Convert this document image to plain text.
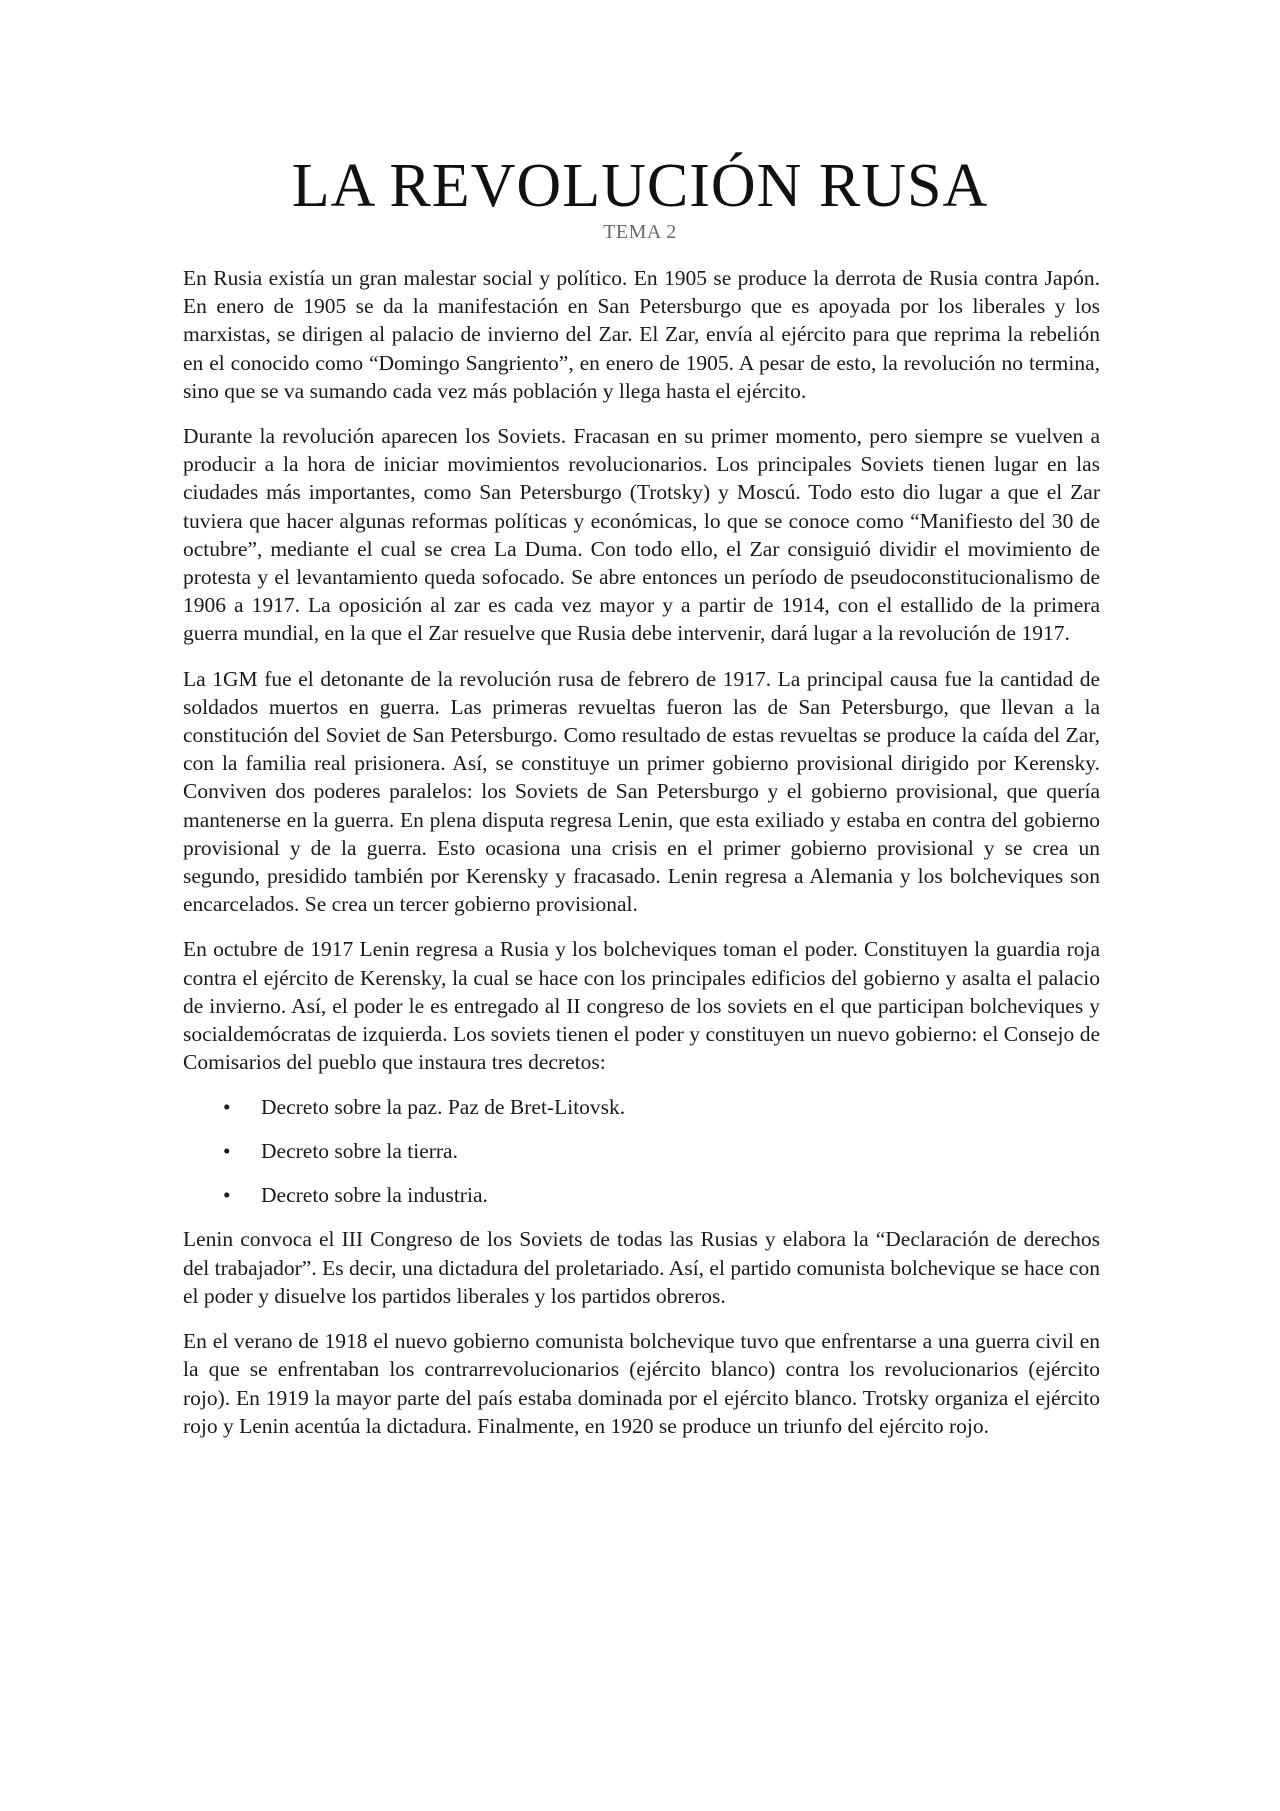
LA REVOLUCIÓN RUSA
TEMA 2

En Rusia existía un gran malestar social y político. En 1905 se produce la derrota de Rusia contra Japón. En enero de 1905 se da la manifestación en San Petersburgo que es apoyada por los liberales y los marxistas, se dirigen al palacio de invierno del Zar. El Zar, envía al ejército para que reprima la rebelión en el conocido como “Domingo Sangriento”, en enero de 1905. A pesar de esto, la revolución no termina, sino que se va sumando cada vez más población y llega hasta el ejército.

Durante la revolución aparecen los Soviets. Fracasan en su primer momento, pero siempre se vuelven a producir a la hora de iniciar movimientos revolucionarios. Los principales Soviets tienen lugar en las ciudades más importantes, como San Petersburgo (Trotsky) y Moscú. Todo esto dio lugar a que el Zar tuviera que hacer algunas reformas políticas y económicas, lo que se conoce como “Manifiesto del 30 de octubre”, mediante el cual se crea La Duma. Con todo ello, el Zar consiguió dividir el movimiento de protesta y el levantamiento queda sofocado. Se abre entonces un período de pseudoconstitucionalismo de 1906 a 1917. La oposición al zar es cada vez mayor y a partir de 1914, con el estallido de la primera guerra mundial, en la que el Zar resuelve que Rusia debe intervenir, dará lugar a la revolución de 1917.

La 1GM fue el detonante de la revolución rusa de febrero de 1917. La principal causa fue la cantidad de soldados muertos en guerra. Las primeras revueltas fueron las de San Petersburgo, que llevan a la constitución del Soviet de San Petersburgo. Como resultado de estas revueltas se produce la caída del Zar, con la familia real prisionera. Así, se constituye un primer gobierno provisional dirigido por Kerensky. Conviven dos poderes paralelos: los Soviets de San Petersburgo y el gobierno provisional, que quería mantenerse en la guerra. En plena disputa regresa Lenin, que esta exiliado y estaba en contra del gobierno provisional y de la guerra. Esto ocasiona una crisis en el primer gobierno provisional y se crea un segundo, presidido también por Kerensky y fracasado. Lenin regresa a Alemania y los bolcheviques son encarcelados. Se crea un tercer gobierno provisional.

En octubre de 1917 Lenin regresa a Rusia y los bolcheviques toman el poder. Constituyen la guardia roja contra el ejército de Kerensky, la cual se hace con los principales edificios del gobierno y asalta el palacio de invierno. Así, el poder le es entregado al II congreso de los soviets en el que participan bolcheviques y socialdemócratas de izquierda. Los soviets tienen el poder y constituyen un nuevo gobierno: el Consejo de Comisarios del pueblo que instaura tres decretos:

• Decreto sobre la paz. Paz de Bret-Litovsk.
• Decreto sobre la tierra.
• Decreto sobre la industria.

Lenin convoca el III Congreso de los Soviets de todas las Rusias y elabora la “Declaración de derechos del trabajador”. Es decir, una dictadura del proletariado. Así, el partido comunista bolchevique se hace con el poder y disuelve los partidos liberales y los partidos obreros.

En el verano de 1918 el nuevo gobierno comunista bolchevique tuvo que enfrentarse a una guerra civil en la que se enfrentaban los contrarrevolucionarios (ejército blanco) contra los revolucionarios (ejército rojo). En 1919 la mayor parte del país estaba dominada por el ejército blanco. Trotsky organiza el ejército rojo y Lenin acentúa la dictadura. Finalmente, en 1920 se produce un triunfo del ejército rojo.
